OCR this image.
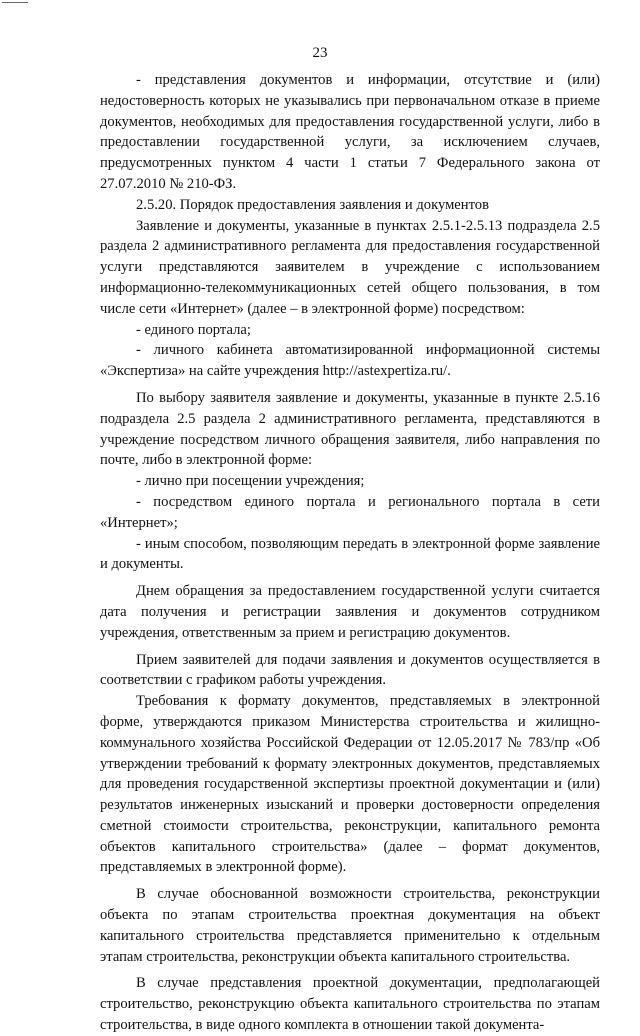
23

- представления документов и информации, отсутствие и (или) недостоверность которых не указывались при первоначальном отказе в приеме документов, необходимых для предоставления государственной услуги, либо в предоставлении государственной услуги, за исключением случаев, предусмотренных пунктом 4 части 1 статьи 7 Федерального закона от 27.07.2010 № 210-ФЗ.

2.5.20. Порядок предоставления заявления и документов

Заявление и документы, указанные в пунктах 2.5.1-2.5.13 подраздела 2.5 раздела 2 административного регламента для предоставления государственной услуги представляются заявителем в учреждение с использованием информационно-телекоммуникационных сетей общего пользования, в том числе сети «Интернет» (далее – в электронной форме) посредством:

- единого портала;

- личного кабинета автоматизированной информационной системы «Экспертиза» на сайте учреждения http://astexpertiza.ru/.

По выбору заявителя заявление и документы, указанные в пункте 2.5.16 подраздела 2.5 раздела 2 административного регламента, представляются в учреждение посредством личного обращения заявителя, либо направления по почте, либо в электронной форме:

- лично при посещении учреждения;

- посредством единого портала и регионального портала в сети «Интернет»;

- иным способом, позволяющим передать в электронной форме заявление и документы.

Днем обращения за предоставлением государственной услуги считается дата получения и регистрации заявления и документов сотрудником учреждения, ответственным за прием и регистрацию документов.

Прием заявителей для подачи заявления и документов осуществляется в соответствии с графиком работы учреждения.

Требования к формату документов, представляемых в электронной форме, утверждаются приказом Министерства строительства и жилищно-коммунального хозяйства Российской Федерации от 12.05.2017 № 783/пр «Об утверждении требований к формату электронных документов, представляемых для проведения государственной экспертизы проектной документации и (или) результатов инженерных изысканий и проверки достоверности определения сметной стоимости строительства, реконструкции, капитального ремонта объектов капитального строительства» (далее – формат документов, представляемых в электронной форме).

В случае обоснованной возможности строительства, реконструкции объекта по этапам строительства проектная документация на объект капитального строительства представляется применительно к отдельным этапам строительства, реконструкции объекта капитального строительства.

В случае представления проектной документации, предполагающей строительство, реконструкцию объекта капитального строительства по этапам строительства, в виде одного комплекта в отношении такой документа-
